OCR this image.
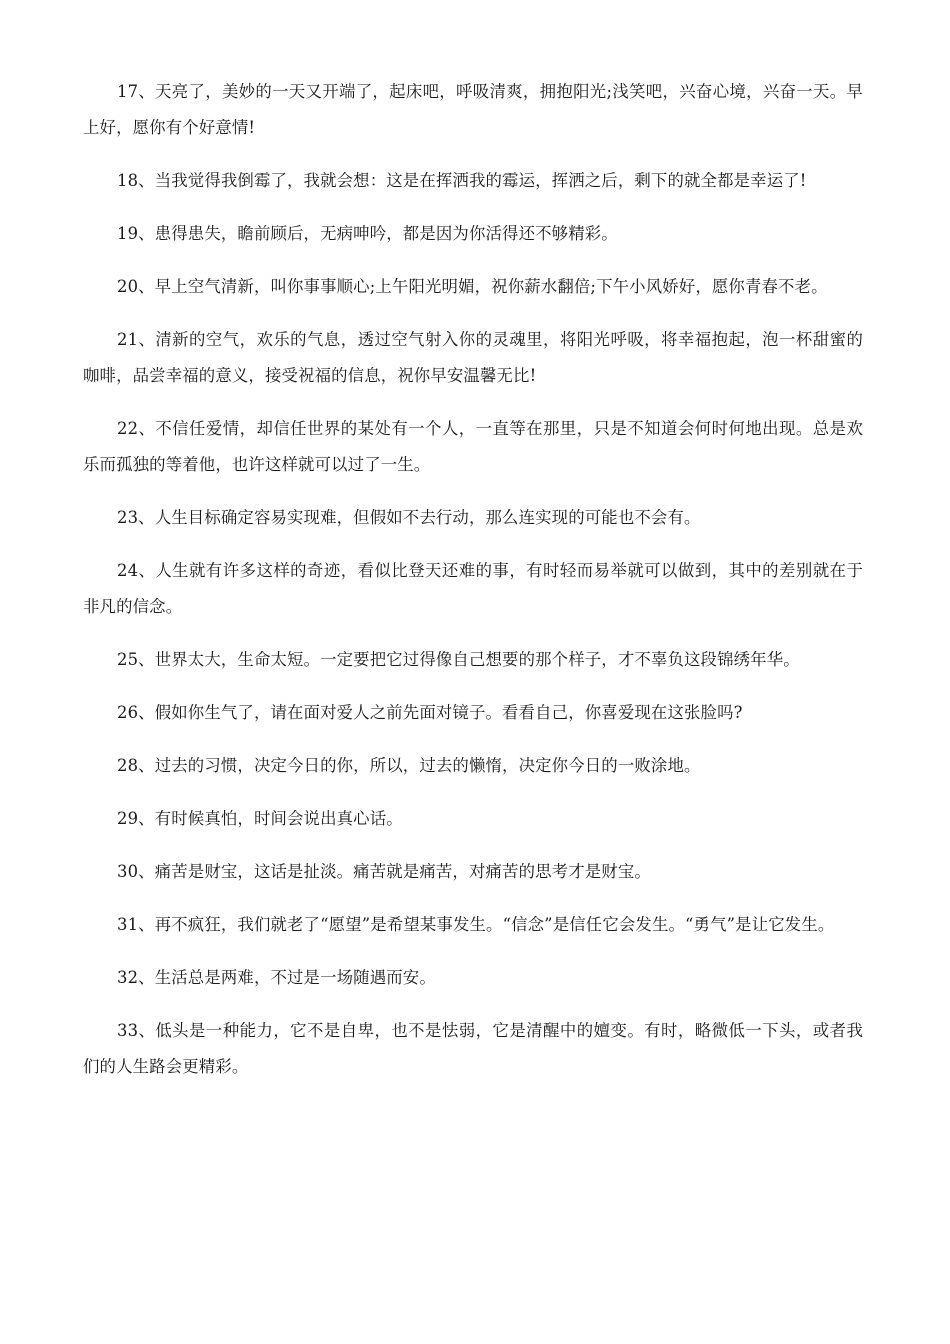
17、天亮了，美妙的一天又开端了，起床吧，呼吸清爽，拥抱阳光;浅笑吧，兴奋心境，兴奋一天。早上好，愿你有个好意情!

18、当我觉得我倒霉了，我就会想：这是在挥洒我的霉运，挥洒之后，剩下的就全都是幸运了!

19、患得患失，瞻前顾后，无病呻吟，都是因为你活得还不够精彩。

20、早上空气清新，叫你事事顺心;上午阳光明媚，祝你薪水翻倍;下午小风娇好，愿你青春不老。

21、清新的空气，欢乐的气息，透过空气射入你的灵魂里，将阳光呼吸，将幸福抱起，泡一杯甜蜜的咖啡，品尝幸福的意义，接受祝福的信息，祝你早安温馨无比!

22、不信任爱情，却信任世界的某处有一个人，一直等在那里，只是不知道会何时何地出现。总是欢乐而孤独的等着他，也许这样就可以过了一生。

23、人生目标确定容易实现难，但假如不去行动，那么连实现的可能也不会有。

24、人生就有许多这样的奇迹，看似比登天还难的事，有时轻而易举就可以做到，其中的差别就在于非凡的信念。

25、世界太大，生命太短。一定要把它过得像自己想要的那个样子，才不辜负这段锦绣年华。

26、假如你生气了，请在面对爱人之前先面对镜子。看看自己，你喜爱现在这张脸吗?

28、过去的习惯，决定今日的你，所以，过去的懒惰，决定你今日的一败涂地。

29、有时候真怕，时间会说出真心话。

30、痛苦是财宝，这话是扯淡。痛苦就是痛苦，对痛苦的思考才是财宝。

31、再不疯狂，我们就老了“愿望”是希望某事发生。“信念”是信任它会发生。“勇气”是让它发生。

32、生活总是两难，不过是一场随遇而安。

33、低头是一种能力，它不是自卑，也不是怯弱，它是清醒中的嬗变。有时，略微低一下头，或者我们的人生路会更精彩。
